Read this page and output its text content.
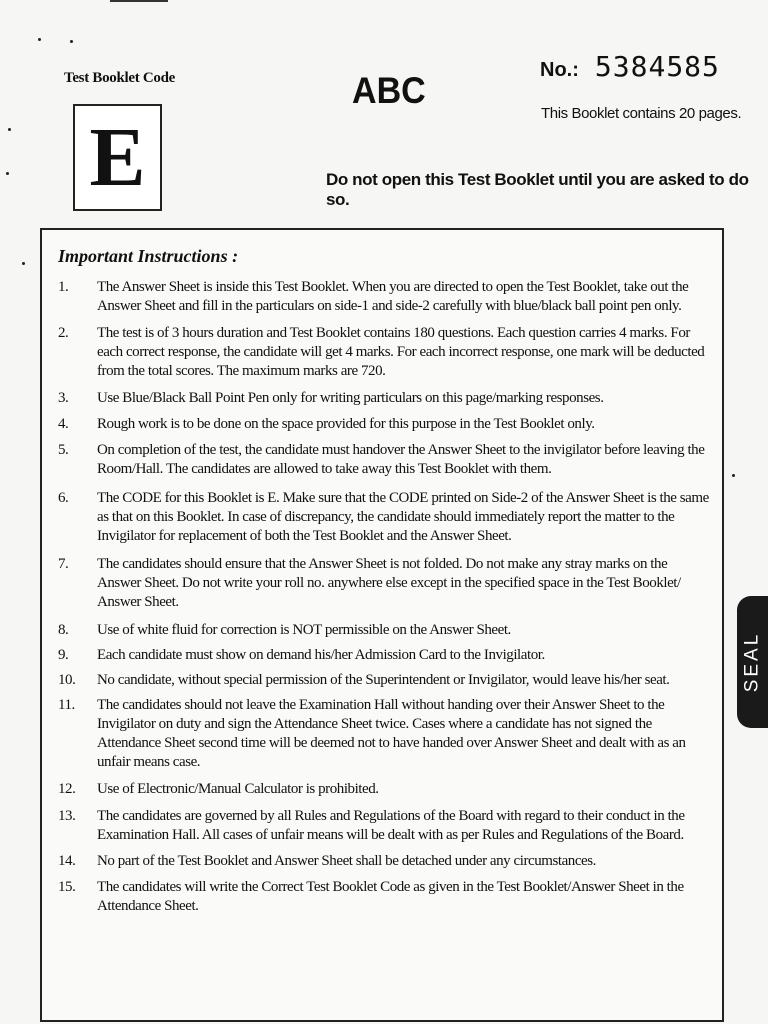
Test Booklet Code
E
ABC	No.: 5384585
This Booklet contains 20 pages.
Do not open this Test Booklet until you are asked to do so.
Important Instructions :
1. The Answer Sheet is inside this Test Booklet. When you are directed to open the Test Booklet, take out the Answer Sheet and fill in the particulars on side-1 and side-2 carefully with blue/black ball point pen only.
2. The test is of 3 hours duration and Test Booklet contains 180 questions. Each question carries 4 marks. For each correct response, the candidate will get 4 marks. For each incorrect response, one mark will be deducted from the total scores. The maximum marks are 720.
3. Use Blue/Black Ball Point Pen only for writing particulars on this page/marking responses.
4. Rough work is to be done on the space provided for this purpose in the Test Booklet only.
5. On completion of the test, the candidate must handover the Answer Sheet to the invigilator before leaving the Room/Hall. The candidates are allowed to take away this Test Booklet with them.
6. The CODE for this Booklet is E. Make sure that the CODE printed on Side-2 of the Answer Sheet is the same as that on this Booklet. In case of discrepancy, the candidate should immediately report the matter to the Invigilator for replacement of both the Test Booklet and the Answer Sheet.
7. The candidates should ensure that the Answer Sheet is not folded. Do not make any stray marks on the Answer Sheet. Do not write your roll no. anywhere else except in the specified space in the Test Booklet/ Answer Sheet.
8. Use of white fluid for correction is NOT permissible on the Answer Sheet.
9. Each candidate must show on demand his/her Admission Card to the Invigilator.
10. No candidate, without special permission of the Superintendent or Invigilator, would leave his/her seat.
11. The candidates should not leave the Examination Hall without handing over their Answer Sheet to the Invigilator on duty and sign the Attendance Sheet twice. Cases where a candidate has not signed the Attendance Sheet second time will be deemed not to have handed over Answer Sheet and dealt with as an unfair means case.
12. Use of Electronic/Manual Calculator is prohibited.
13. The candidates are governed by all Rules and Regulations of the Board with regard to their conduct in the Examination Hall. All cases of unfair means will be dealt with as per Rules and Regulations of the Board.
14. No part of the Test Booklet and Answer Sheet shall be detached under any circumstances.
15. The candidates will write the Correct Test Booklet Code as given in the Test Booklet/Answer Sheet in the Attendance Sheet.
SEAL
